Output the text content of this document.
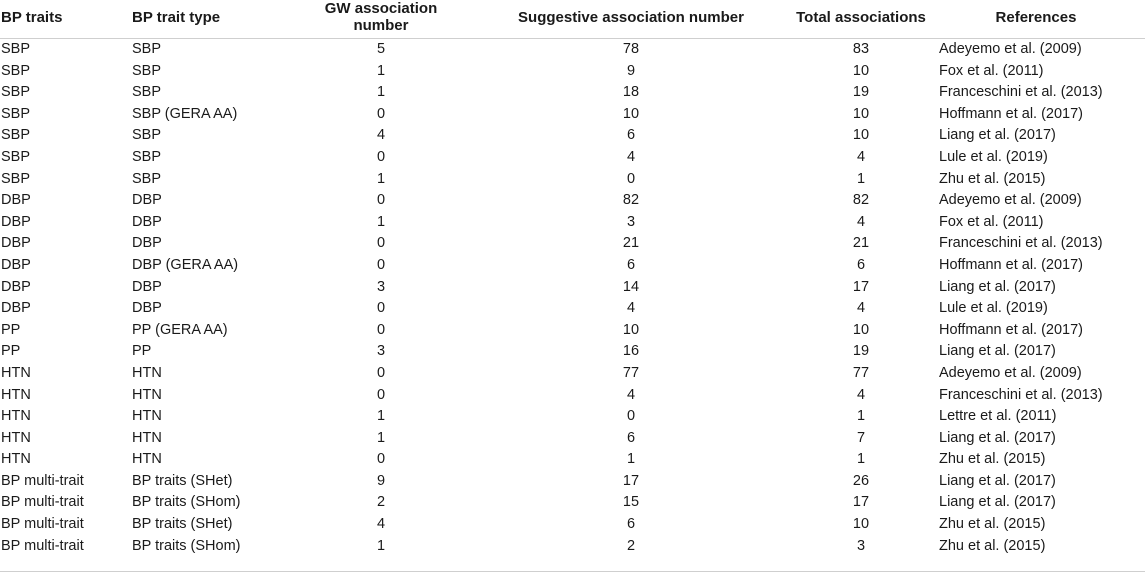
BP traits	BP trait type	GW association number	Suggestive association number	Total associations	References
SBP	SBP	5	78	83	Adeyemo et al. (2009)
SBP	SBP	1	9	10	Fox et al. (2011)
SBP	SBP	1	18	19	Franceschini et al. (2013)
SBP	SBP (GERA AA)	0	10	10	Hoffmann et al. (2017)
SBP	SBP	4	6	10	Liang et al. (2017)
SBP	SBP	0	4	4	Lule et al. (2019)
SBP	SBP	1	0	1	Zhu et al. (2015)
DBP	DBP	0	82	82	Adeyemo et al. (2009)
DBP	DBP	1	3	4	Fox et al. (2011)
DBP	DBP	0	21	21	Franceschini et al. (2013)
DBP	DBP (GERA AA)	0	6	6	Hoffmann et al. (2017)
DBP	DBP	3	14	17	Liang et al. (2017)
DBP	DBP	0	4	4	Lule et al. (2019)
PP	PP (GERA AA)	0	10	10	Hoffmann et al. (2017)
PP	PP	3	16	19	Liang et al. (2017)
HTN	HTN	0	77	77	Adeyemo et al. (2009)
HTN	HTN	0	4	4	Franceschini et al. (2013)
HTN	HTN	1	0	1	Lettre et al. (2011)
HTN	HTN	1	6	7	Liang et al. (2017)
HTN	HTN	0	1	1	Zhu et al. (2015)
BP multi-trait	BP traits (SHet)	9	17	26	Liang et al. (2017)
BP multi-trait	BP traits (SHom)	2	15	17	Liang et al. (2017)
BP multi-trait	BP traits (SHet)	4	6	10	Zhu et al. (2015)
BP multi-trait	BP traits (SHom)	1	2	3	Zhu et al. (2015)
